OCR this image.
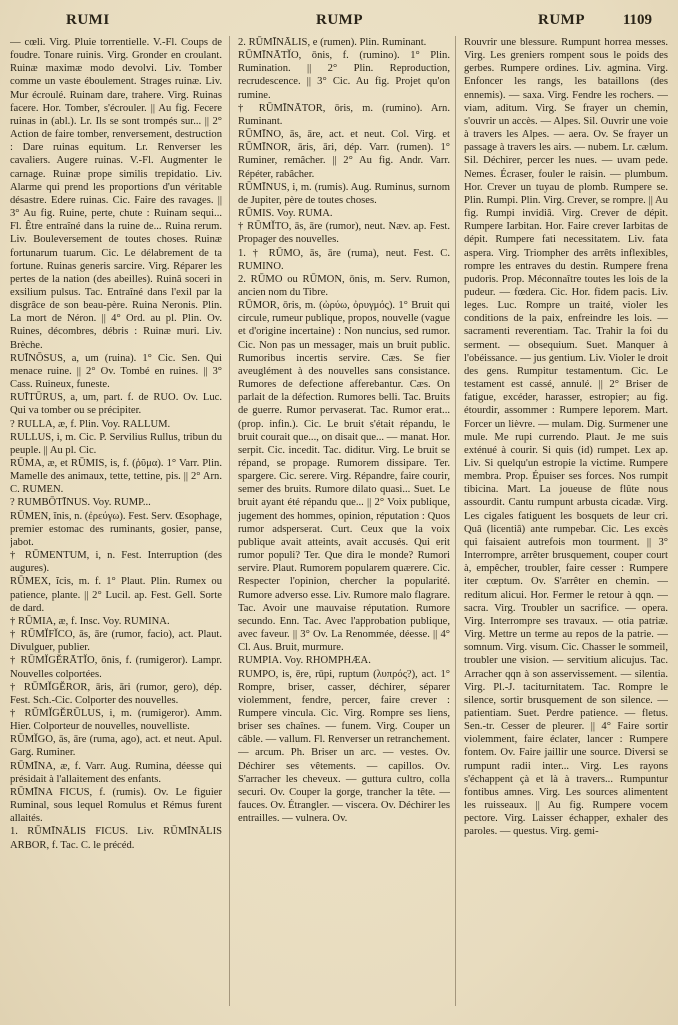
RUMI	RUMP	RUMP	1109

— cœli. Virg. Pluie torrentielle. V.-Fl. Coups de foudre. Tonare ruinis. Virg. Gronder en croulant. Ruinæ maximæ modo devolvi. Liv. Tomber comme un vaste éboulement. Strages ruinæ. Liv. Mur écroulé. Ruinam dare, trahere. Virg. Ruinas facere. Hor. Tomber, s'écrouler. || Au fig. Fecere ruinas in (abl.). Lr. Ils se sont trompés sur... || 2° Action de faire tomber, renversement, destruction : Dare ruinas equitum. Lr. Renverser les cavaliers. Augere ruinas. V.-Fl. Augmenter le carnage. Ruinæ prope similis trepidatio. Liv. Alarme qui prend les proportions d'un véritable désastre. Edere ruinas. Cic. Faire des ravages. || 3° Au fig. Ruine, perte, chute : Ruinam sequi... Fl. Être entraîné dans la ruine de... Ruina rerum. Liv. Bouleversement de toutes choses. Ruinæ fortunarum tuarum. Cic. Le délabrement de ta fortune. Ruinas generis sarcire. Virg. Réparer les pertes de la nation (des abeilles). Ruinâ soceri in exsilium pulsus. Tac. Entraîné dans l'exil par la disgrâce de son beau-père. Ruina Neronis. Plin. La mort de Néron. || 4° Ord. au pl. Plin. Ov. Ruines, décombres, débris : Ruinæ muri. Liv. Brèche.

RUĪNŌSUS, a, um (ruina). 1° Cic. Sen. Qui menace ruine. || 2° Ov. Tombé en ruines. || 3° Cass. Ruineux, funeste.

RUĪTŪRUS, a, um, part. f. de RUO. Ov. Luc. Qui va tomber ou se précipiter.

? RULLA, æ, f. Plin. Voy. RALLUM.

RULLUS, i, m. Cic. P. Servilius Rullus, tribun du peuple. || Au pl. Cic.

RŪMA, æ, et RŪMIS, is, f. (ῥῦμα). 1° Varr. Plin. Mamelle des animaux, tette, tettine, pis. || 2° Arn. C. RUMEN.

? RUMBŌTĪNUS. Voy. RUMP...

RŪMEN, ĭnis, n. (ἐρεύγω). Fest. Serv. Œsophage, premier estomac des ruminants, gosier, panse, jabot.

† RŪMENTUM, i, n. Fest. Interruption (des augures).

RŪMEX, ĭcis, m. f. 1° Plaut. Plin. Rumex ou patience, plante. || 2° Lucil. ap. Fest. Gell. Sorte de dard.

† RŪMIA, æ, f. Insc. Voy. RUMINA.

† RŪMĬFĬCO, ās, āre (rumor, facio), act. Plaut. Divulguer, publier.

† RŪMĬGĔRĀTĬO, ōnis, f. (rumigeror). Lampr. Nouvelles colportées.

† RŪMĬGĔROR, āris, āri (rumor, gero), dép. Fest. Sch.-Cic. Colporter des nouvelles.

† RŪMĬGĔRŪLUS, i, m. (rumigeror). Amm. Hier. Colporteur de nouvelles, nouvelliste.

RŪMĬGO, ās, āre (ruma, ago), act. et neut. Apul. Garg. Ruminer.

RŪMĪNA, æ, f. Varr. Aug. Rumina, déesse qui présidait à l'allaitement des enfants.

RŪMĪNA FICUS, f. (rumis). Ov. Le figuier Ruminal, sous lequel Romulus et Rémus furent allaités.

1. RŪMĪNĀLIS FICUS. Liv. RŪMĪNĀLIS ARBOR, f. Tac. C. le précéd.

2. RŪMĪNĀLIS, e (rumen). Plin. Ruminant.

RŪMĪNĀTĬO, ōnis, f. (rumino). 1° Plin. Rumination. || 2° Plin. Reproduction, recrudescence. || 3° Cic. Au fig. Projet qu'on rumine.

† RŪMĪNĀTOR, ōris, m. (rumino). Arn. Ruminant.

RŪMĪNO, ās, āre, act. et neut. Col. Virg. et RŪMĪNOR, āris, āri, dép. Varr. (rumen). 1° Ruminer, remâcher. || 2° Au fig. Andr. Varr. Répéter, rabâcher.

RŪMĪNUS, i, m. (rumis). Aug. Ruminus, surnom de Jupiter, père de toutes choses.

RŪMIS. Voy. RUMA.

† RŪMĬTO, ās, āre (rumor), neut. Næv. ap. Fest. Propager des nouvelles.

1. † RŪMO, ās, āre (ruma), neut. Fest. C. RUMINO.

2. RŪMO ou RŪMON, ōnis, m. Serv. Rumon, ancien nom du Tibre.

RŪMOR, ōris, m. (ὠρύω, ὀρυγμός). 1° Bruit qui circule, rumeur publique, propos, nouvelle (vague et d'origine incertaine) : Non nuncius, sed rumor. Cic. Non pas un messager, mais un bruit public. Rumoribus incertis servire. Cæs. Se fier aveuglément à des nouvelles sans consistance. Rumores de defectione afferebantur. Cæs. On parlait de la défection. Rumores belli. Tac. Bruits de guerre. Rumor pervaserat. Tac. Rumor erat... (prop. infin.). Cic. Le bruit s'était répandu, le bruit courait que..., on disait que... — manat. Hor. serpit. Cic. incedit. Tac. diditur. Virg. Le bruit se répand, se propage. Rumorem dissipare. Ter. spargere. Cic. serere. Virg. Répandre, faire courir, semer des bruits. Rumore dilato quasi... Suet. Le bruit ayant été répandu que... || 2° Voix publique, jugement des hommes, opinion, réputation : Quos rumor adsperserat. Curt. Ceux que la voix publique avait atteints, avait accusés. Qui erit rumor populi? Ter. Que dira le monde? Rumori servire. Plaut. Rumorem popularem quærere. Cic. Respecter l'opinion, chercher la popularité. Rumore adverso esse. Liv. Rumore malo flagrare. Tac. Avoir une mauvaise réputation. Rumore secundo. Enn. Tac. Avec l'approbation publique, avec faveur. || 3° Ov. La Renommée, déesse. || 4° Cl. Aus. Bruit, murmure.

RUMPIA. Voy. RHOMPHÆA.

RUMPO, is, ēre, rūpi, ruptum (λυπρός?), act. 1° Rompre, briser, casser, déchirer, séparer violemment, fendre, percer, faire crever : Rumpere vincula. Cic. Virg. Rompre ses liens, briser ses chaînes. — funem. Virg. Couper un câble. — vallum. Fl. Renverser un retranchement. — arcum. Ph. Briser un arc. — vestes. Ov. Déchirer ses vêtements. — capillos. Ov. S'arracher les cheveux. — guttura cultro, colla securi. Ov. Couper la gorge, trancher la tête. — fauces. Ov. Étrangler. — viscera. Ov. Déchirer les entrailles. — vulnera. Ov.

Rouvrir une blessure. Rumpunt horrea messes. Virg. Les greniers rompent sous le poids des gerbes. Rumpere ordines. Liv. agmina. Virg. Enfoncer les rangs, les bataillons (des ennemis). — saxa. Virg. Fendre les rochers. — viam, aditum. Virg. Se frayer un chemin, s'ouvrir un accès. — Alpes. Sil. Ouvrir une voie à travers les Alpes. — aera. Ov. Se frayer un passage à travers les airs. — nubem. Lr. cælum. Sil. Déchirer, percer les nues. — uvam pede. Nemes. Écraser, fouler le raisin. — plumbum. Hor. Crever un tuyau de plomb. Rumpere se. Plin. Rumpi. Plin. Virg. Crever, se rompre. || Au fig. Rumpi invidiâ. Virg. Crever de dépit. Rumpere Iarbitan. Hor. Faire crever Iarbitas de dépit. Rumpere fati necessitatem. Liv. fata aspera. Virg. Triompher des arrêts inflexibles, rompre les entraves du destin. Rumpere frena pudoris. Prop. Méconnaître toutes les lois de la pudeur. — fœdera. Cic. Hor. fidem pacis. Liv. leges. Luc. Rompre un traité, violer les conditions de la paix, enfreindre les lois. — sacramenti reverentiam. Tac. Trahir la foi du serment. — obsequium. Suet. Manquer à l'obéissance. — jus gentium. Liv. Violer le droit des gens. Rumpitur testamentum. Cic. Le testament est cassé, annulé. || 2° Briser de fatigue, excéder, harasser, estropier; au fig. étourdir, assommer : Rumpere leporem. Mart. Forcer un lièvre. — mulam. Dig. Surmener une mule. Me rupi currendo. Plaut. Je me suis exténué à courir. Si quis (id) rumpet. Lex ap. Liv. Si quelqu'un estropie la victime. Rumpere membra. Prop. Épuiser ses forces. Nos rumpit tibicina. Mart. La joueuse de flûte nous assourdit. Cantu rumpunt arbusta cicadæ. Virg. Les cigales fatiguent les bosquets de leur cri. Quâ (licentiâ) ante rumpebar. Cic. Les excès qui faisaient autrefois mon tourment. || 3° Interrompre, arrêter brusquement, couper court à, empêcher, troubler, faire cesser : Rumpere iter cœptum. Ov. S'arrêter en chemin. — reditum alicui. Hor. Fermer le retour à qqn. — sacra. Virg. Troubler un sacrifice. — opera. Virg. Interrompre ses travaux. — otia patriæ. Virg. Mettre un terme au repos de la patrie. — somnum. Virg. visum. Cic. Chasser le sommeil, troubler une vision. — servitium alicujus. Tac. Arracher qqn à son asservissement. — silentia. Virg. Pl.-J. taciturnitatem. Tac. Rompre le silence, sortir brusquement de son silence. — patientiam. Suet. Perdre patience. — fletus. Sen.-tr. Cesser de pleurer. || 4° Faire sortir violemment, faire éclater, lancer : Rumpere fontem. Ov. Faire jaillir une source. Diversi se rumpunt radii inter... Virg. Les rayons s'échappent çà et là à travers... Rumpuntur fontibus amnes. Virg. Les sources alimentent les ruisseaux. || Au fig. Rumpere vocem pectore. Virg. Laisser échapper, exhaler des paroles. — questus. Virg. gemi-
